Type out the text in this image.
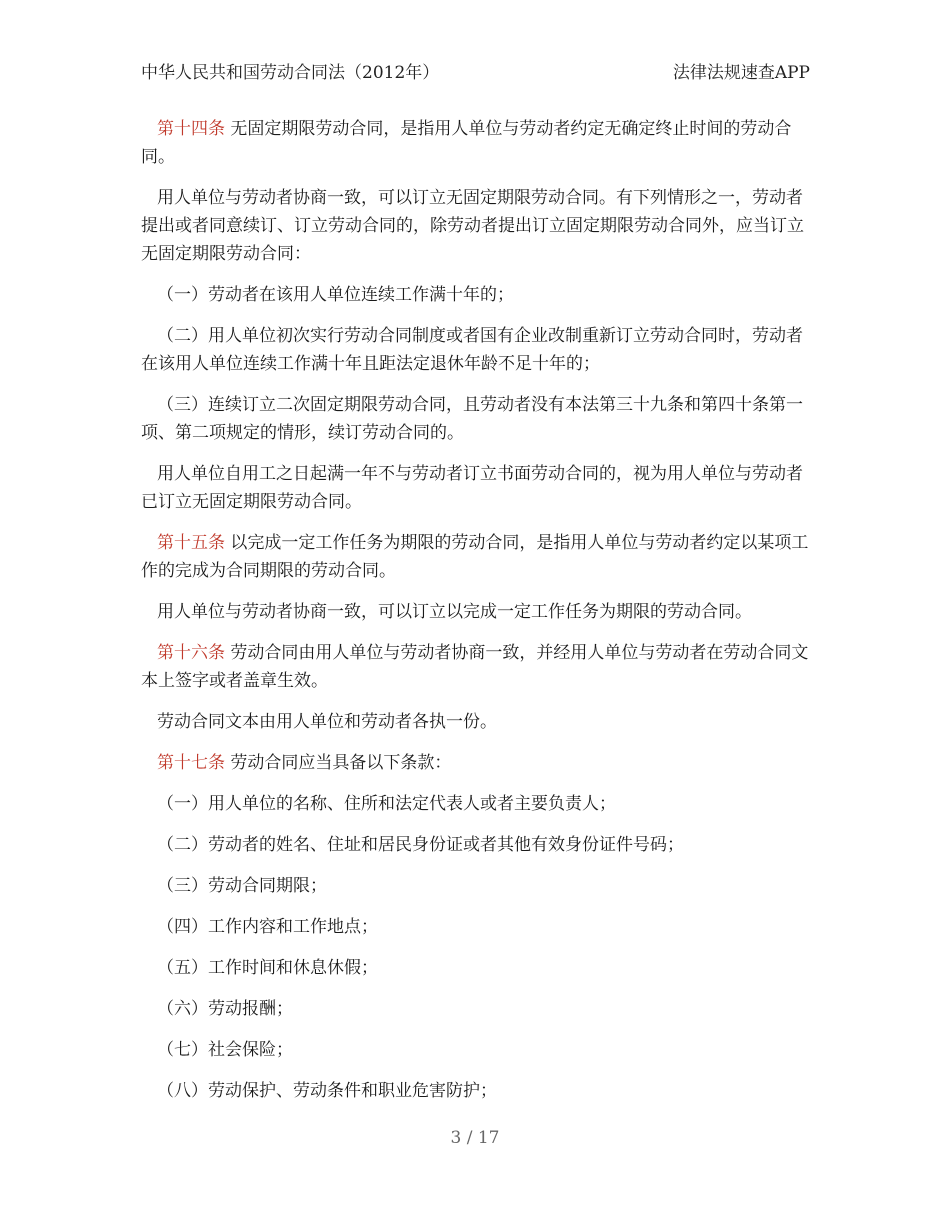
中华人民共和国劳动合同法（2012年）	法律法规速查APP

第十四条 无固定期限劳动合同，是指用人单位与劳动者约定无确定终止时间的劳动合同。

用人单位与劳动者协商一致，可以订立无固定期限劳动合同。有下列情形之一，劳动者提出或者同意续订、订立劳动合同的，除劳动者提出订立固定期限劳动合同外，应当订立无固定期限劳动合同：

（一）劳动者在该用人单位连续工作满十年的；

（二）用人单位初次实行劳动合同制度或者国有企业改制重新订立劳动合同时，劳动者在该用人单位连续工作满十年且距法定退休年龄不足十年的；

（三）连续订立二次固定期限劳动合同，且劳动者没有本法第三十九条和第四十条第一项、第二项规定的情形，续订劳动合同的。

用人单位自用工之日起满一年不与劳动者订立书面劳动合同的，视为用人单位与劳动者已订立无固定期限劳动合同。

第十五条 以完成一定工作任务为期限的劳动合同，是指用人单位与劳动者约定以某项工作的完成为合同期限的劳动合同。

用人单位与劳动者协商一致，可以订立以完成一定工作任务为期限的劳动合同。

第十六条 劳动合同由用人单位与劳动者协商一致，并经用人单位与劳动者在劳动合同文本上签字或者盖章生效。

劳动合同文本由用人单位和劳动者各执一份。

第十七条 劳动合同应当具备以下条款：

（一）用人单位的名称、住所和法定代表人或者主要负责人；

（二）劳动者的姓名、住址和居民身份证或者其他有效身份证件号码；

（三）劳动合同期限；

（四）工作内容和工作地点；

（五）工作时间和休息休假；

（六）劳动报酬；

（七）社会保险；

（八）劳动保护、劳动条件和职业危害防护；

3 / 17
